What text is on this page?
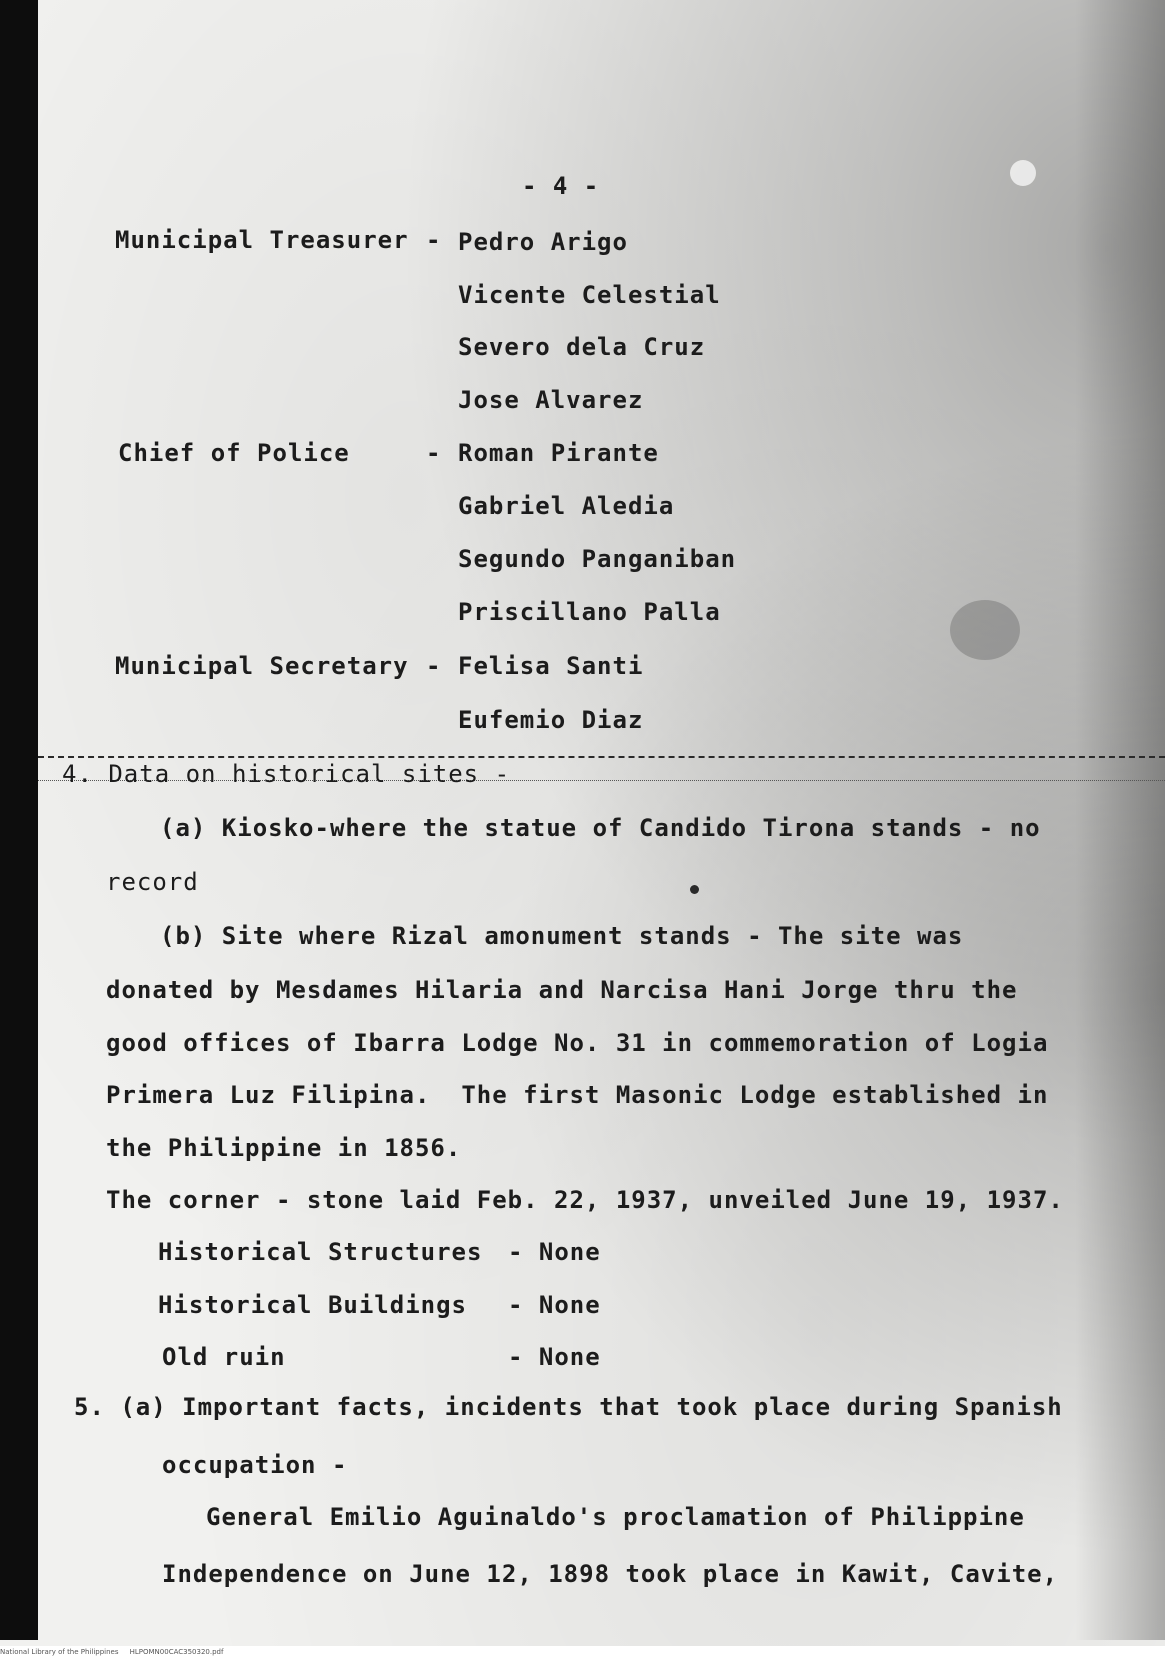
- 4 -
Municipal Treasurer - Pedro Arigo
Vicente Celestial
Severo dela Cruz
Jose Alvarez
Chief of Police	- Roman Pirante
Gabriel Aledia
Segundo Panganiban
Priscillano Palla
Municipal Secretary - Felisa Santi
Eufemio Diaz
4. Data on historical sites -
(a) Kiosko-where the statue of Candido Tirona stands - no
record
(b) Site where Rizal amonument stands - The site was
donated by Mesdames Hilaria and Narcisa Hani Jorge thru the
good offices of Ibarra Lodge No. 31 in commemoration of Logia
Primera Luz Filipina.  The first Masonic Lodge established in
the Philippine in 1856.
The corner - stone laid Feb. 22, 1937, unveiled June 19, 1937.
Historical Structures - None
Historical Buildings - None
Old ruin	- None
5. (a) Important facts, incidents that took place during Spanish
occupation -
General Emilio Aguinaldo's proclamation of Philippine
Independence on June 12, 1898 took place in Kawit, Cavite,
National Library of the Philippines     HLPOMN00CAC350320.pdf
